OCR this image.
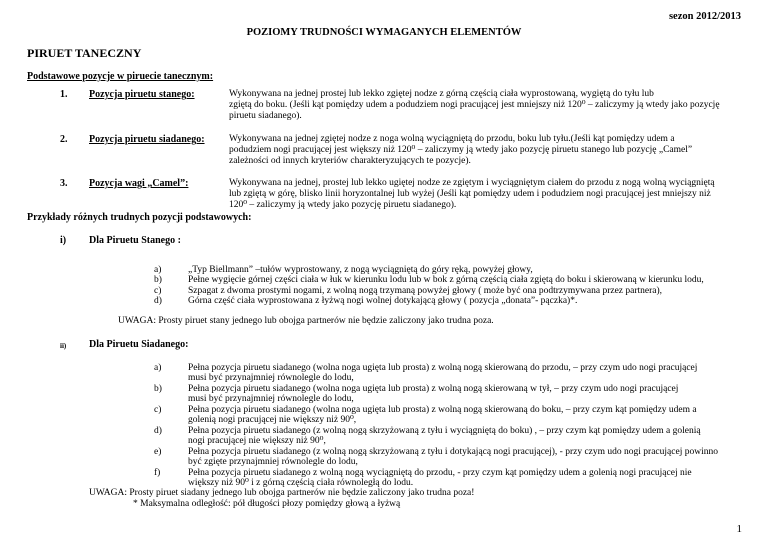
sezon 2012/2013
POZIOMY TRUDNOŚCI WYMAGANYCH ELEMENTÓW
PIRUET TANECZNY
Podstawowe pozycje w piruecie tanecznym:
1. Pozycja piruetu stanego:	Wykonywana na jednej prostej lub lekko zgiętej nodze z górną częścią ciała wyprostowaną, wygiętą do tyłu lub
zgiętą do boku. (Jeśli kąt pomiędzy udem a podudziem nogi pracującej jest mniejszy niż 120⁰ – zaliczymy ją wtedy jako pozycję
piruetu siadanego).
2. Pozycja piruetu siadanego:	Wykonywana na jednej zgiętej nodze z noga wolną wyciągniętą do przodu, boku lub tyłu.(Jeśli kąt pomiędzy udem a
podudziem nogi pracującej jest większy niż 120⁰ – zaliczymy ją wtedy jako pozycję piruetu stanego lub pozycję „Camel”
zależności od innych kryteriów charakteryzujących te pozycje).
3. Pozycja wagi „Camel”:	Wykonywana na jednej, prostej lub lekko ugiętej nodze ze zgiętym i wyciągniętym ciałem do przodu z nogą wolną wyciągniętą
lub zgiętą w górę, blisko linii horyzontalnej lub wyżej (Jeśli kąt pomiędzy udem i podudziem nogi pracującej jest mniejszy niż
120⁰ – zaliczymy ją wtedy jako pozycję piruetu siadanego).
Przykłady różnych trudnych pozycji podstawowych:
i) Dla Piruetu Stanego :
a)	„Typ Biellmann” –tułów wyprostowany, z nogą wyciągniętą do góry ręką, powyżej głowy,
b)	Pełne wygięcie górnej części ciała w łuk w kierunku lodu lub w bok z górną częścią ciała zgiętą do boku i skierowaną w kierunku lodu,
c)	Szpagat z dwoma prostymi nogami, z wolną nogą trzymaną powyżej głowy ( może być ona podtrzymywana przez partnera),
d)	Górna część ciała wyprostowana z łyżwą nogi wolnej dotykającą głowy ( pozycja „donata”- pączka)*.
UWAGA: Prosty piruet stany jednego lub obojga partnerów nie będzie zaliczony jako trudna poza.
ii) Dla Piruetu Siadanego:
a)	Pełna pozycja piruetu siadanego (wolna noga ugięta lub prosta) z wolną nogą skierowaną do przodu, – przy czym udo nogi pracującej
musi być przynajmniej równolegle do lodu,
b)	Pełna pozycja piruetu siadanego (wolna noga ugięta lub prosta) z wolną nogą skierowaną w tył, – przy czym udo nogi pracującej
musi być przynajmniej równolegle do lodu,
c)	Pełna pozycja piruetu siadanego (wolna noga ugięta lub prosta) z wolną nogą skierowaną do boku, – przy czym kąt pomiędzy udem a
golenią nogi pracującej nie większy niż 90⁰,
d)	Pełna pozycja piruetu siadanego (z wolną nogą skrzyżowaną z tyłu i wyciągniętą do boku) , – przy czym kąt pomiędzy udem a golenią
nogi pracującej nie większy niż 90⁰,
e)	Pełna pozycja piruetu siadanego (z wolną nogą skrzyżowaną z tyłu i dotykającą nogi pracującej), - przy czym udo nogi pracującej powinno
być zgięte przynajmniej równolegle do lodu,
f)	Pełna pozycja piruetu siadanego z wolną nogą wyciągniętą do przodu, - przy czym kąt pomiędzy udem a golenią nogi pracującej nie
większy niż 90⁰ i z górną częścią ciała równoległą do lodu.
UWAGA: Prosty piruet siadany jednego lub obojga partnerów nie będzie zaliczony jako trudna poza!
* Maksymalna odległość: pół długości płozy pomiędzy głową a łyżwą
1
